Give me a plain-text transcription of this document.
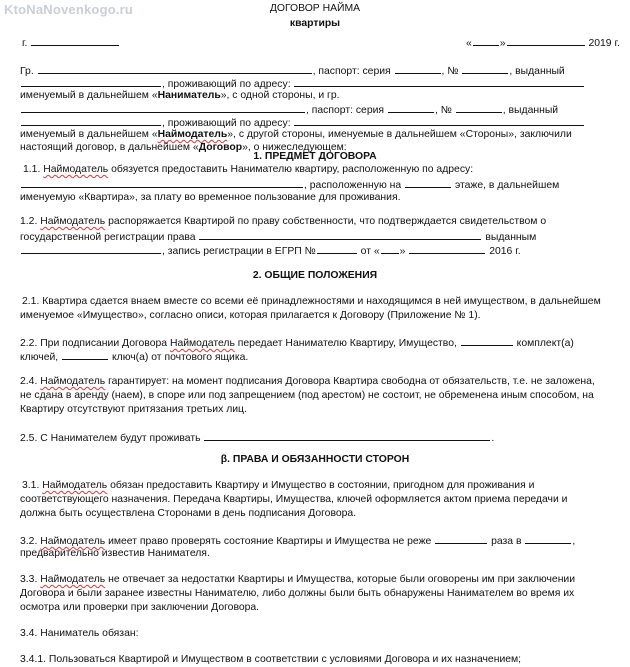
KtoNaNovenkogo.ru	ДОГОВОР НАЙМА
квартиры
г.	«	»	2019 г.
Гр.	, паспорт: серия	, №	, выданный
, проживающий по адресу:
именуемый в дальнейшем «Наниматель», с одной стороны, и гр.
, паспорт: серия	, №	, выданный
, проживающий по адресу:
именуемый в дальнейшем «Наймодатель», с другой стороны, именуемые в дальнейшем «Стороны», заключили
настоящий договор, в дальнейшем «Договор», о нижеследующем:
1. ПРЕДМЕТ ДОГОВОРА
1.1. Наймодатель обязуется предоставить Нанимателю квартиру, расположенную по адресу:
, расположенную на	этаже, в дальнейшем
именуемую «Квартира», за плату во временное пользование для проживания.
1.2. Наймодатель распоряжается Квартирой по праву собственности, что подтверждается свидетельством о
государственной регистрации права	выданным
, запись регистрации в ЕГРП №	от « »	2016 г.
2. ОБЩИЕ ПОЛОЖЕНИЯ
2.1. Квартира сдается внаем вместе со всеми её принадлежностями и находящимся в ней имуществом, в дальнейшем
именуемое «Имущество», согласно описи, которая прилагается к Договору (Приложение № 1).
2.2. При подписании Договора Наймодатель передает Нанимателю Квартиру, Имущество,	комплект(а)
ключей,	ключ(а) от почтового ящика.
2.4. Наймодатель гарантирует: на момент подписания Договора Квартира свободна от обязательств, т.е. не заложена,
не сдана в аренду (наем), в споре или под запрещением (под арестом) не состоит, не обременена иным способом, на
Квартиру отсутствуют притязания третьих лиц.
2.5. С Нанимателем будут проживать	.
β. ПРАВА И ОБЯЗАННОСТИ СТОРОН
3.1. Наймодатель обязан предоставить Квартиру и Имущество в состоянии, пригодном для проживания и
соответствующего назначения. Передача Квартиры, Имущества, ключей оформляется актом приема передачи и
должна быть осуществлена Сторонами в день подписания Договора.
3.2. Наймодатель имеет право проверять состояние Квартиры и Имущества не реже	раза в	,
предварительно известив Нанимателя.
3.3. Наймодатель не отвечает за недостатки Квартиры и Имущества, которые были оговорены им при заключении
Договора и были заранее известны Нанимателю, либо должны были быть обнаружены Нанимателем во время их
осмотра или проверки при заключении Договора.
3.4. Наниматель обязан:
3.4.1. Пользоваться Квартирой и Имуществом в соответствии с условиями Договора и их назначением;
